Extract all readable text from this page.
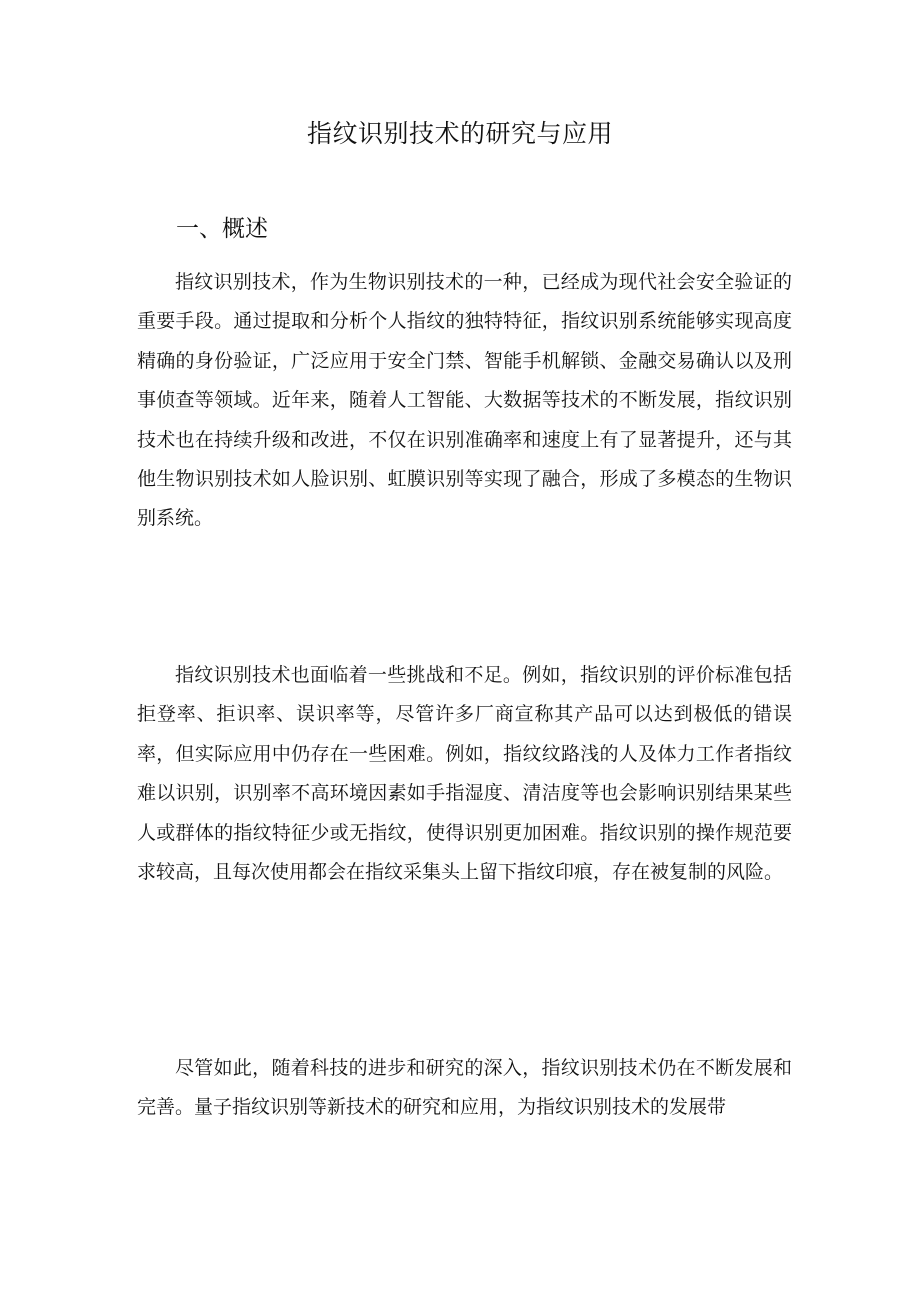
指纹识别技术的研究与应用
一、概述

指纹识别技术，作为生物识别技术的一种，已经成为现代社会安全验证的重要手段。通过提取和分析个人指纹的独特特征，指纹识别系统能够实现高度精确的身份验证，广泛应用于安全门禁、智能手机解锁、金融交易确认以及刑事侦查等领域。近年来，随着人工智能、大数据等技术的不断发展，指纹识别技术也在持续升级和改进，不仅在识别准确率和速度上有了显著提升，还与其他生物识别技术如人脸识别、虹膜识别等实现了融合，形成了多模态的生物识别系统。

指纹识别技术也面临着一些挑战和不足。例如，指纹识别的评价标准包括拒登率、拒识率、误识率等，尽管许多厂商宣称其产品可以达到极低的错误率，但实际应用中仍存在一些困难。例如，指纹纹路浅的人及体力工作者指纹难以识别，识别率不高环境因素如手指湿度、清洁度等也会影响识别结果某些人或群体的指纹特征少或无指纹，使得识别更加困难。指纹识别的操作规范要求较高，且每次使用都会在指纹采集头上留下指纹印痕，存在被复制的风险。

尽管如此，随着科技的进步和研究的深入，指纹识别技术仍在不断发展和完善。量子指纹识别等新技术的研究和应用，为指纹识别技术的发展带
